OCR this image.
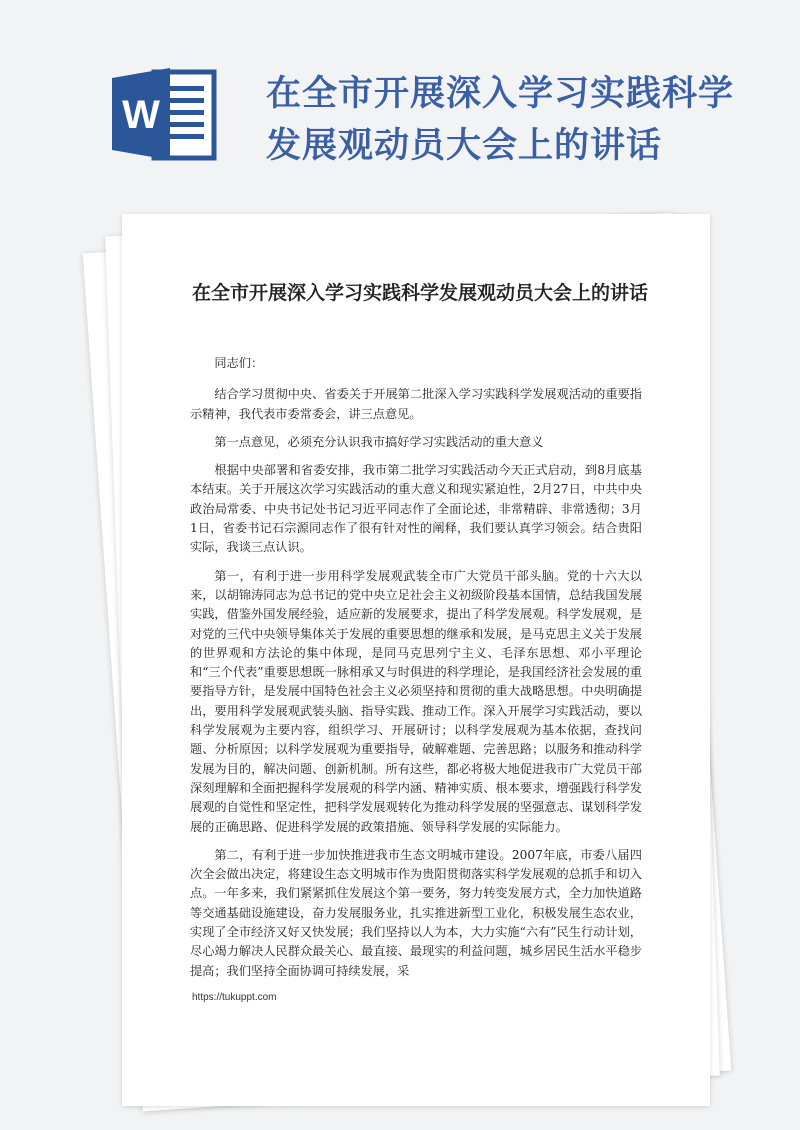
W	在全市开展深入学习实践科学发展观动员大会上的讲话
在全市开展深入学习实践科学发展观动员大会上的讲话

同志们：

结合学习贯彻中央、省委关于开展第二批深入学习实践科学发展观活动的重要指示精神，我代表市委常委会，讲三点意见。

第一点意见，必须充分认识我市搞好学习实践活动的重大意义

根据中央部署和省委安排，我市第二批学习实践活动今天正式启动，到8月底基本结束。关于开展这次学习实践活动的重大意义和现实紧迫性，2月27日，中共中央政治局常委、中央书记处书记习近平同志作了全面论述，非常精辟、非常透彻；3月1日，省委书记石宗源同志作了很有针对性的阐释，我们要认真学习领会。结合贵阳实际，我谈三点认识。

第一，有利于进一步用科学发展观武装全市广大党员干部头脑。党的十六大以来，以胡锦涛同志为总书记的党中央立足社会主义初级阶段基本国情，总结我国发展实践，借鉴外国发展经验，适应新的发展要求，提出了科学发展观。科学发展观，是对党的三代中央领导集体关于发展的重要思想的继承和发展，是马克思主义关于发展的世界观和方法论的集中体现，是同马克思列宁主义、毛泽东思想、邓小平理论和“三个代表”重要思想既一脉相承又与时俱进的科学理论，是我国经济社会发展的重要指导方针，是发展中国特色社会主义必须坚持和贯彻的重大战略思想。中央明确提出，要用科学发展观武装头脑、指导实践、推动工作。深入开展学习实践活动，要以科学发展观为主要内容，组织学习、开展研讨；以科学发展观为基本依据，查找问题、分析原因；以科学发展观为重要指导，破解难题、完善思路；以服务和推动科学发展为目的，解决问题、创新机制。所有这些，都必将极大地促进我市广大党员干部深刻理解和全面把握科学发展观的科学内涵、精神实质、根本要求，增强践行科学发展观的自觉性和坚定性，把科学发展观转化为推动科学发展的坚强意志、谋划科学发展的正确思路、促进科学发展的政策措施、领导科学发展的实际能力。

第二，有利于进一步加快推进我市生态文明城市建设。2007年底，市委八届四次全会做出决定，将建设生态文明城市作为贵阳贯彻落实科学发展观的总抓手和切入点。一年多来，我们紧紧抓住发展这个第一要务，努力转变发展方式，全力加快道路等交通基础设施建设，奋力发展服务业，扎实推进新型工业化，积极发展生态农业，实现了全市经济又好又快发展；我们坚持以人为本，大力实施“六有”民生行动计划，尽心竭力解决人民群众最关心、最直接、最现实的利益问题，城乡居民生活水平稳步提高；我们坚持全面协调可持续发展，采

https://tukuppt.com
